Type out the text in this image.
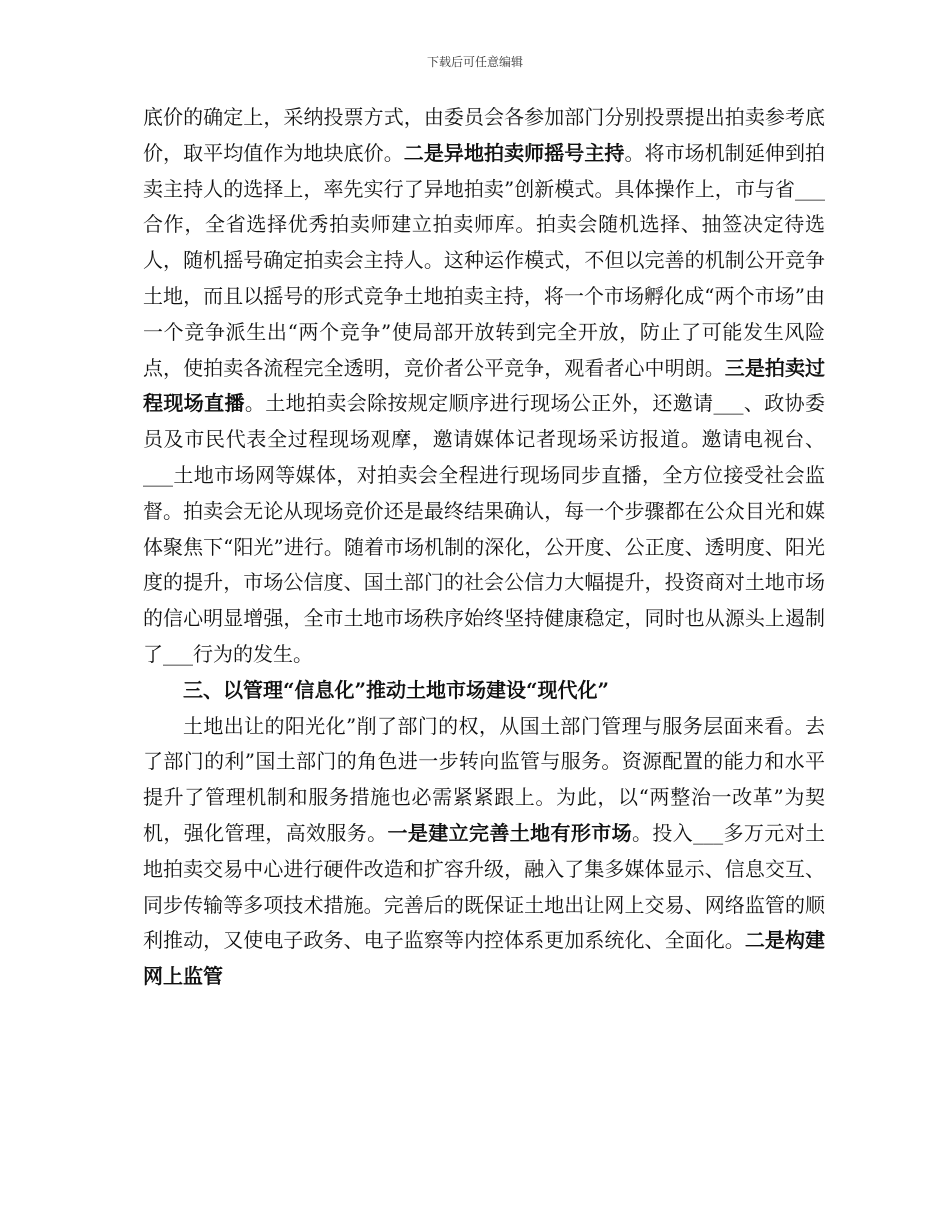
下载后可任意编辑

底价的确定上，采纳投票方式，由委员会各参加部门分别投票提出拍卖参考底价，取平均值作为地块底价。二是异地拍卖师摇号主持。将市场机制延伸到拍卖主持人的选择上，率先实行了异地拍卖”创新模式。具体操作上，市与省___合作，全省选择优秀拍卖师建立拍卖师库。拍卖会随机选择、抽签决定待选人，随机摇号确定拍卖会主持人。这种运作模式，不但以完善的机制公开竞争土地，而且以摇号的形式竞争土地拍卖主持，将一个市场孵化成“两个市场”由一个竞争派生出“两个竞争”使局部开放转到完全开放，防止了可能发生风险点，使拍卖各流程完全透明，竞价者公平竞争，观看者心中明朗。三是拍卖过程现场直播。土地拍卖会除按规定顺序进行现场公正外，还邀请___、政协委员及市民代表全过程现场观摩，邀请媒体记者现场采访报道。邀请电视台、___土地市场网等媒体，对拍卖会全程进行现场同步直播，全方位接受社会监督。拍卖会无论从现场竞价还是最终结果确认，每一个步骤都在公众目光和媒体聚焦下“阳光”进行。随着市场机制的深化，公开度、公正度、透明度、阳光度的提升，市场公信度、国土部门的社会公信力大幅提升，投资商对土地市场的信心明显增强，全市土地市场秩序始终坚持健康稳定，同时也从源头上遏制了___行为的发生。

三、以管理“信息化”推动土地市场建设“现代化”

土地出让的阳光化”削了部门的权，从国土部门管理与服务层面来看。去了部门的利”国土部门的角色进一步转向监管与服务。资源配置的能力和水平提升了管理机制和服务措施也必需紧紧跟上。为此，以“两整治一改革”为契机，强化管理，高效服务。一是建立完善土地有形市场。投入___多万元对土地拍卖交易中心进行硬件改造和扩容升级，融入了集多媒体显示、信息交互、同步传输等多项技术措施。完善后的既保证土地出让网上交易、网络监管的顺利推动，又使电子政务、电子监察等内控体系更加系统化、全面化。二是构建网上监管
